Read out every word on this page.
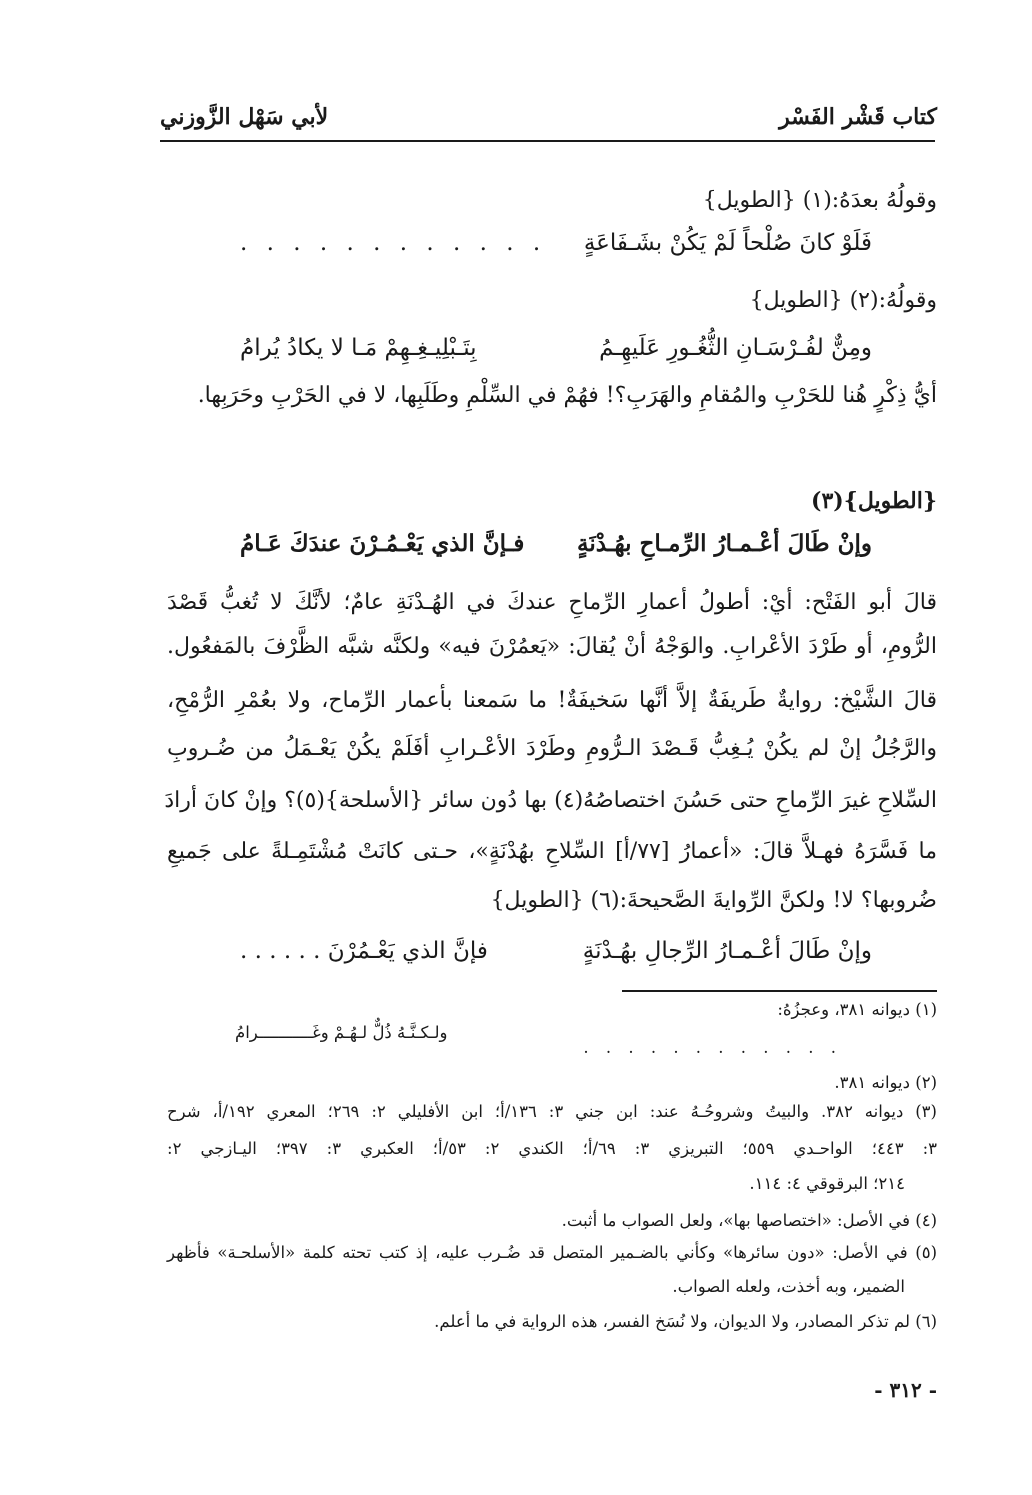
كتاب قَشْر الفَسْر
لأبي سَهْل الزَّوزني
وقولُهُ بعدَهُ:(١) {الطويل}
فَلَوْ كانَ صُلْحاً لَمْ يَكُنْ بشَـفَاعَةٍ
. . . . . . . . . . . .
وقولُهُ:(٢) {الطويل}
ومِنٌّ لفُـرْسَـانِ الثُّغُـورِ عَلَيهِـمُ
بِتَـبْلِيـغِـهِمْ مَـا لا يكادُ يُرامُ
أيُّ ذِكْرٍ هُنا للحَرْبِ والمُقامِ والهَرَبِ؟! فهُمْ في السِّلْمِ وطَلَبِها، لا في الحَرْبِ وحَرَبِها.
{الطويل}(٣)
وإنْ طَالَ أعْـمـارُ الرِّمـاحِ بهُـدْنَةٍ
فـإنَّ الذي يَعْـمُـرْنَ عندَكَ عَـامُ
قالَ أبو الفَتْح: أيْ: أطولُ أعمارِ الرِّماحِ عندكَ في الهُـدْنَةِ عامٌ؛ لأنَّكَ لا تُغبُّ قَصْدَ
الرُّومِ، أو طَرْدَ الأعْرابِ. والوَجْهُ أنْ يُقالَ: «يَعمُرْنَ فيه» ولكنَّه شبَّه الظَّرْفَ بالمَفعُول.
قالَ الشَّيْخ: روايةٌ طَريفَةٌ إلاَّ أنَّها سَخيفَةٌ! ما سَمعنا بأعمار الرِّماح، ولا بعُمْرِ الرُّمْحِ،
والرَّجُلُ إنْ لم يكُنْ يُـغِبُّ قَـصْدَ الـرُّومِ وطَرْدَ الأعْـرابِ أفَلَمْ يكُنْ يَعْـمَلُ من ضُـروبِ
السِّلاحِ غيرَ الرِّماحِ حتى حَسُنَ اختصاصُهُ(٤) بها دُون سائر {الأسلحة}(٥)؟ وإنْ كانَ أرادَ
ما فَسَّرَهُ فهـلاَّ قالَ: «أعمارُ [٧٧/أ] السِّلاحِ بهُدْنَةٍ»، حـتى كانَتْ مُشْتَمِـلةً على جَميعِ
ضُروبها؟ لا! ولكنَّ الرِّوايةَ الصَّحيحةَ:(٦) {الطويل}
وإنْ طَالَ أعْـمـارُ الرِّجالِ بهُـدْنَةٍ
فإنَّ الذي يَعْـمُرْنَ . . . . . .
(١) ديوانه ٣٨١، وعجزُهُ:
. . . . . . . . . . . .
ولـكـنَّـهُ ذُلٌّ لـهُـمْ وغَـــــــــــرامُ
(٢) ديوانه ٣٨١.
(٣) ديوانه ٣٨٢. والبيتُ وشروحُـهُ عند: ابن جني ٣: ١٣٦/أ؛ ابن الأفليلي ٢: ٢٦٩؛ المعري ١٩٢/أ، شرح
٣: ٤٤٣؛ الواحـدي ٥٥٩؛ التبريزي ٣: ٦٩/أ؛ الكندي ٢: ٥٣/أ؛ العكبري ٣: ٣٩٧؛ اليـازجي ٢:
٢١٤؛ البرقوقي ٤: ١١٤.
(٤) في الأصل: «اختصاصها بها»، ولعل الصواب ما أثبت.
(٥) في الأصل: «دون سائرها» وكأني بالضـمير المتصل قد ضُـرب عليه، إذ كتب تحته كلمة «الأسلحـة» فأظهر
الضمير، وبه أخذت، ولعله الصواب.
(٦) لم تذكر المصادر، ولا الديوان، ولا نُسَخ الفسر، هذه الرواية في ما أعلم.
- ٣١٢ -
